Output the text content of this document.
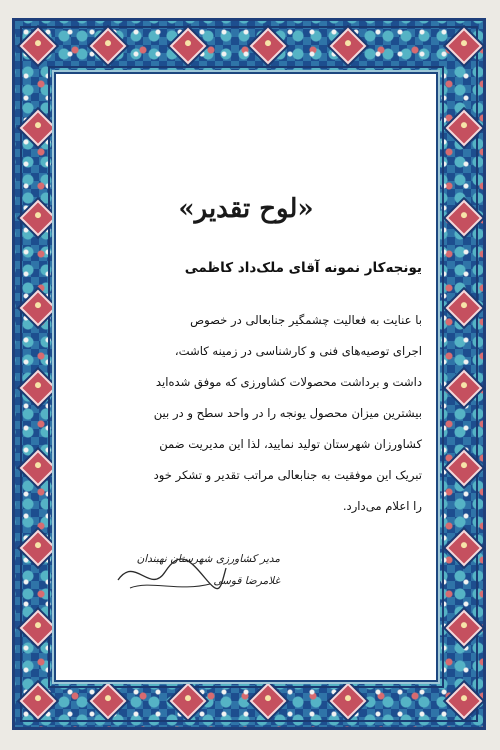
«لوح تقدیر»

یونجه‌کار نمونه آقای ملک‌داد کاظمی

با عنایت به فعالیت چشمگیر جنابعالی در خصوص
اجرای توصیه‌های فنی و کارشناسی در زمینه کاشت،
داشت و برداشت محصولات کشاورزی که موفق شده‌اید
بیشترین میزان محصول یونجه را در واحد سطح و در بین
کشاورزان شهرستان تولید نمایید، لذا این مدیریت ضمن
تبریک این موفقیت به جنابعالی مراتب تقدیر و تشکر خود
را اعلام می‌دارد.
مدیر کشاورزی شهرستان نهبندان
غلامرضا قوسی
